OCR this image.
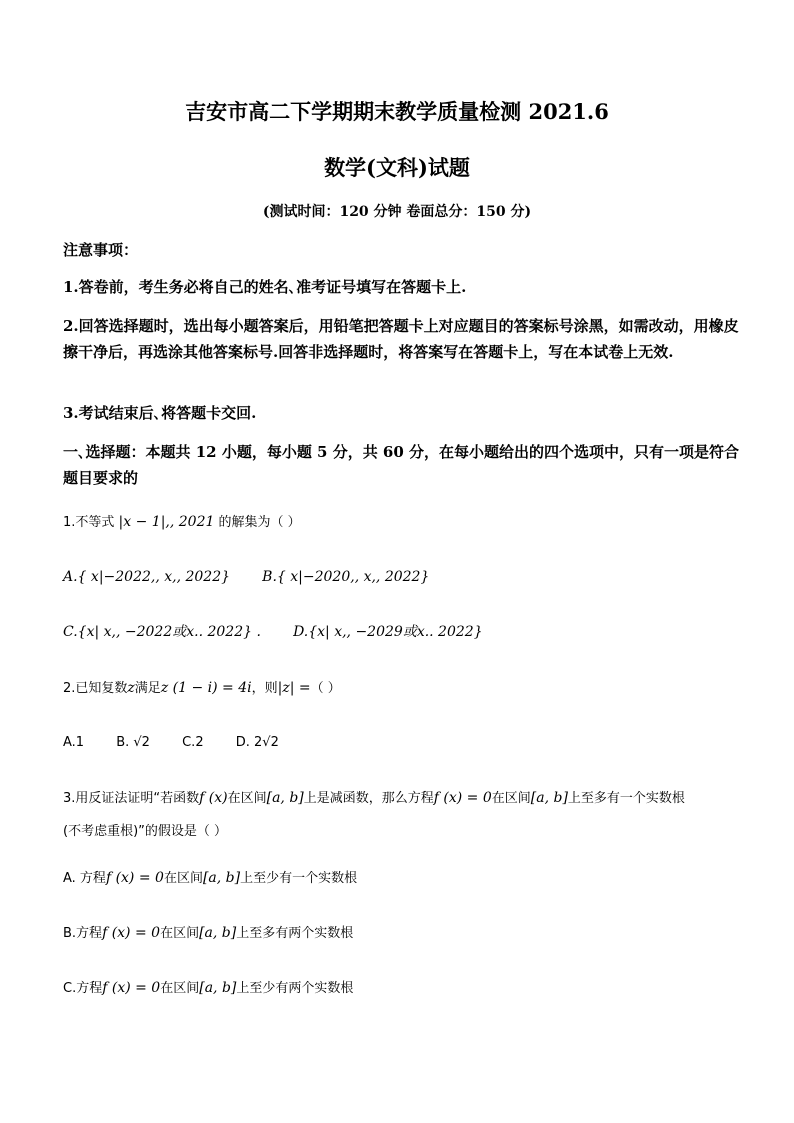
吉安市高二下学期期末教学质量检测 2021.6
数学(文科)试题
(测试时间：120 分钟 卷面总分：150 分)
注意事项：
1.答卷前，考生务必将自己的姓名､准考证号填写在答题卡上.
2.回答选择题时，选出每小题答案后，用铅笔把答题卡上对应题目的答案标号涂黑，如需改动，用橡皮擦干净后，再选涂其他答案标号.回答非选择题时，将答案写在答题卡上，写在本试卷上无效.
3.考试结束后､将答题卡交回.
一､选择题：本题共 12 小题，每小题 5 分，共 60 分，在每小题给出的四个选项中，只有一项是符合题目要求的
1.不等式 |x − 1|,, 2021 的解集为（ ）
A.{ x|−2022,, x,, 2022} B.{ x|−2020,, x,, 2022}
C.{x| x,, −2022或x.. 2022} . D.{x| x,, −2029或x.. 2022}
2.已知复数z满足z (1 − i) = 4i，则|z| =（ ）
A.1 B. √2 C.2 D. 2√2
3.用反证法证明“若函数f (x)在区间[a, b]上是减函数，那么方程f (x) = 0在区间[a, b]上至多有一个实数根
(不考虑重根)”的假设是（ ）
A. 方程f (x) = 0在区间[a, b]上至少有一个实数根
B.方程f (x) = 0在区间[a, b]上至多有两个实数根
C.方程f (x) = 0在区间[a, b]上至少有两个实数根
